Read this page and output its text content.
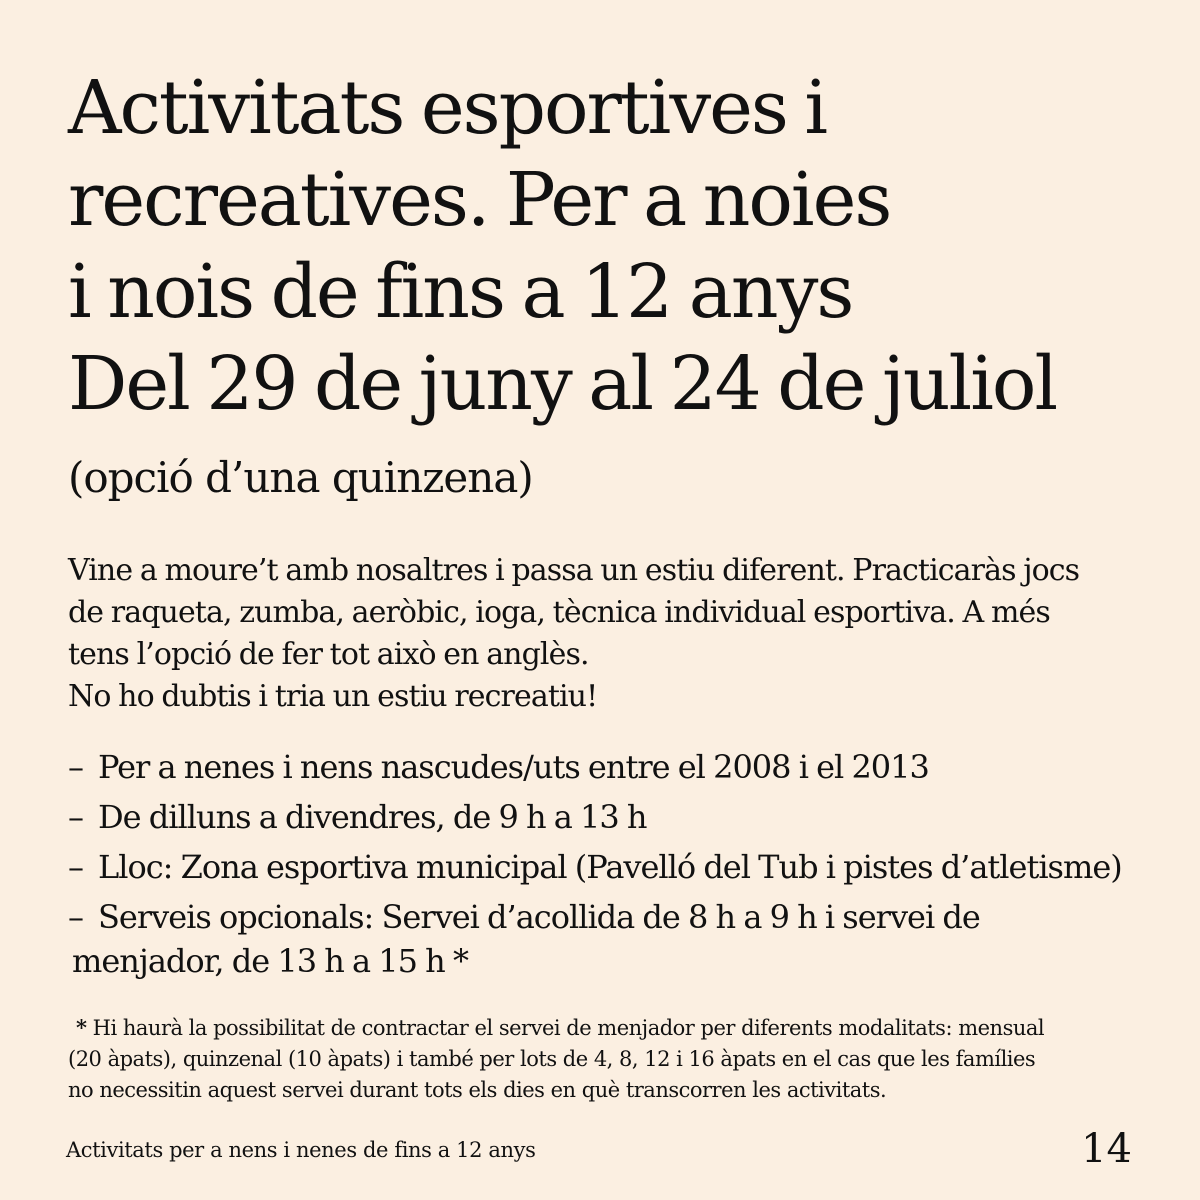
Activitats esportives i
recreatives. Per a noies
i nois de fins a 12 anys
Del 29 de juny al 24 de juliol
(opció d’una quinzena)
Vine a moure’t amb nosaltres i passa un estiu diferent. Practicaràs jocs
de raqueta, zumba, aeròbic, ioga, tècnica individual esportiva. A més
tens l’opció de fer tot això en anglès.
No ho dubtis i tria un estiu recreatiu!
– Per a nenes i nens nascudes/uts entre el 2008 i el 2013
– De dilluns a divendres, de 9 h a 13 h
– Lloc: Zona esportiva municipal (Pavelló del Tub i pistes d’atletisme)
– Serveis opcionals: Servei d’acollida de 8 h a 9 h i servei de
menjador, de 13 h a 15 h *
* Hi haurà la possibilitat de contractar el servei de menjador per diferents modalitats: mensual
(20 àpats), quinzenal (10 àpats) i també per lots de 4, 8, 12 i 16 àpats en el cas que les famílies
no necessitin aquest servei durant tots els dies en què transcorren les activitats.
Activitats per a nens i nenes de fins a 12 anys	14
